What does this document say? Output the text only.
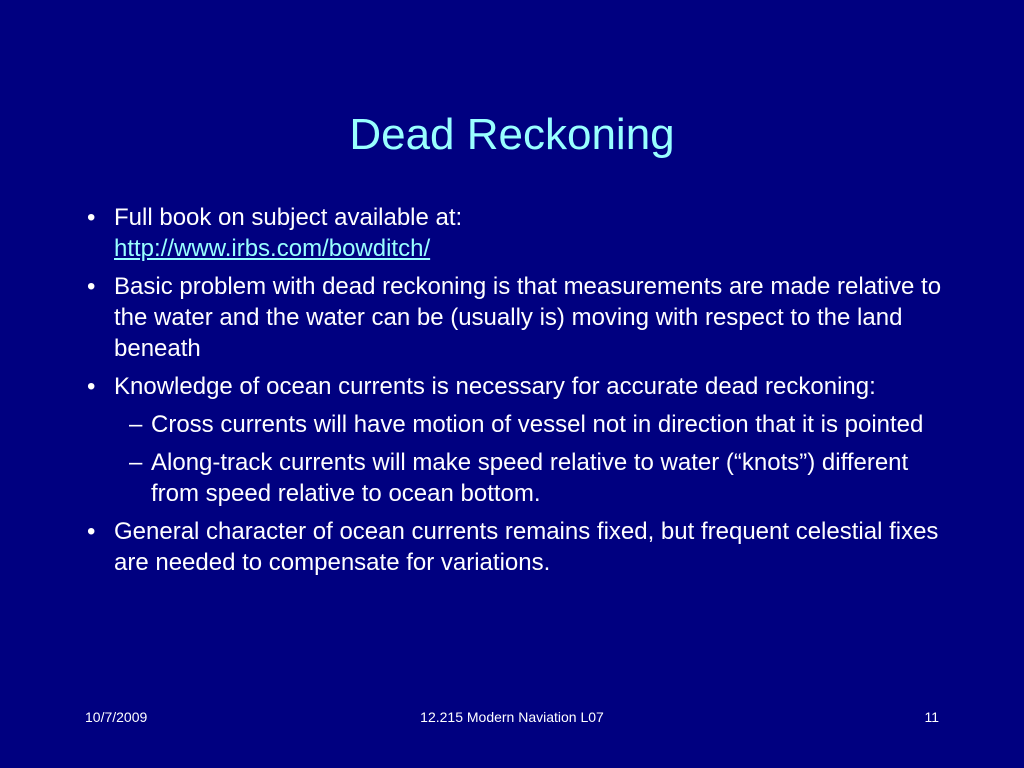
Dead Reckoning
• Full book on subject available at:
http://www.irbs.com/bowditch/
• Basic problem with dead reckoning is that measurements are made relative to the water and the water can be (usually is) moving with respect to the land beneath
• Knowledge of ocean currents is necessary for accurate dead reckoning:
– Cross currents will have motion of vessel not in direction that it is pointed
– Along-track currents will make speed relative to water (“knots”) different from speed relative to ocean bottom.
• General character of ocean currents remains fixed, but frequent celestial fixes are needed to compensate for variations.
10/7/2009	12.215 Modern Naviation L07	11
